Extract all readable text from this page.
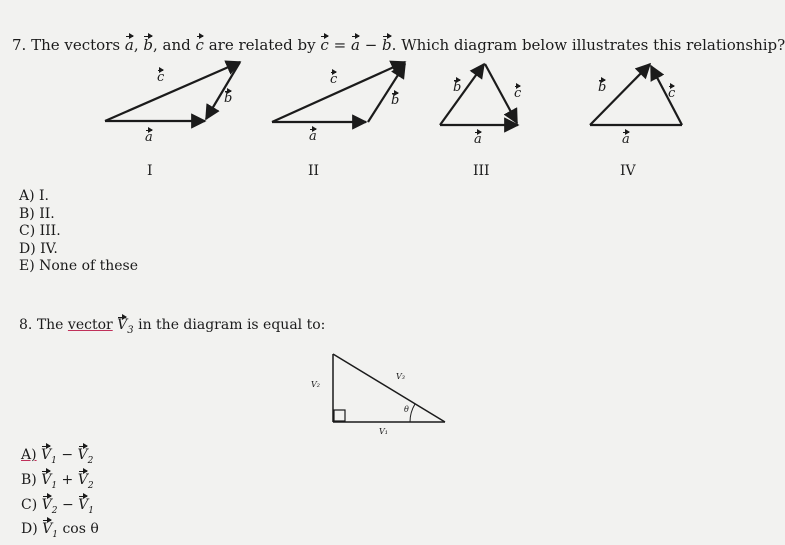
7. The vectors a, b, and c are related by c = a − b. Which diagram below illustrates this relationship?
c
b
a
c
b
a
b	c
a
b	c
a
I	II	III	IV
A) I.
B) II.
C) III.
D) IV.
E) None of these
8. The vector $V_3$ in the diagram is equal to:
V₂
V₃
V₁
θ
A) $V_1 - V_2$
B) $V_1 + V_2$
C) $V_2 - V_1$
D) $V_1$ cos θ
